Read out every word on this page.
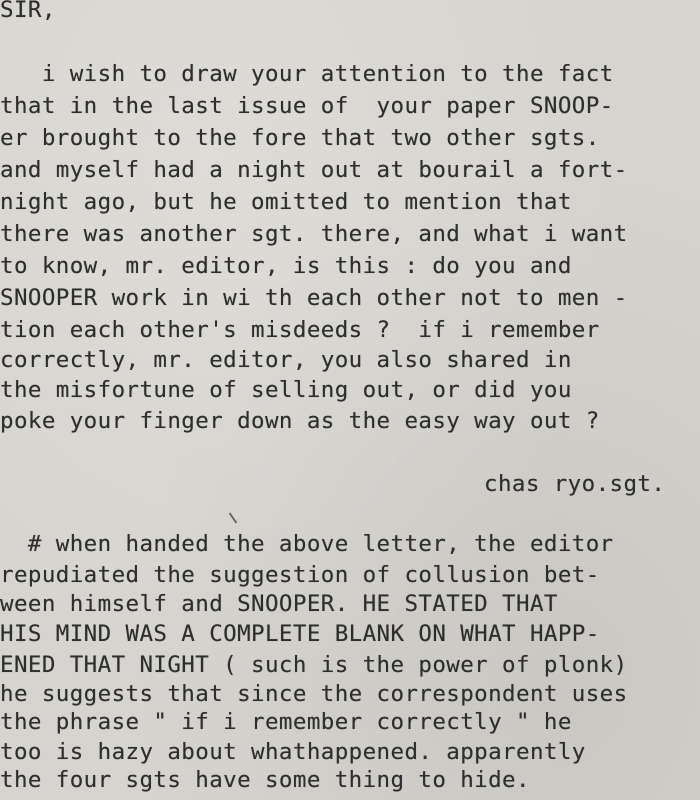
SIR,
i wish to draw your attention to the fact
that in the last issue of  your paper SNOOP-
er brought to the fore that two other sgts.
and myself had a night out at bourail a fort-
night ago, but he omitted to mention that
there was another sgt. there, and what i want
to know, mr. editor, is this : do you and
SNOOPER work in wi th each other not to men -
tion each other's misdeeds ?  if i remember
correctly, mr. editor, you also shared in
the misfortune of selling out, or did you
poke your finger down as the easy way out ?
chas ryo.sgt.
# when handed the above letter, the editor
repudiated the suggestion of collusion bet-
ween himself and SNOOPER. HE STATED THAT
HIS MIND WAS A COMPLETE BLANK ON WHAT HAPP-
ENED THAT NIGHT ( such is the power of plonk)
he suggests that since the correspondent uses
the phrase " if i remember correctly " he
too is hazy about whathappened. apparently
the four sgts have some thing to hide.
